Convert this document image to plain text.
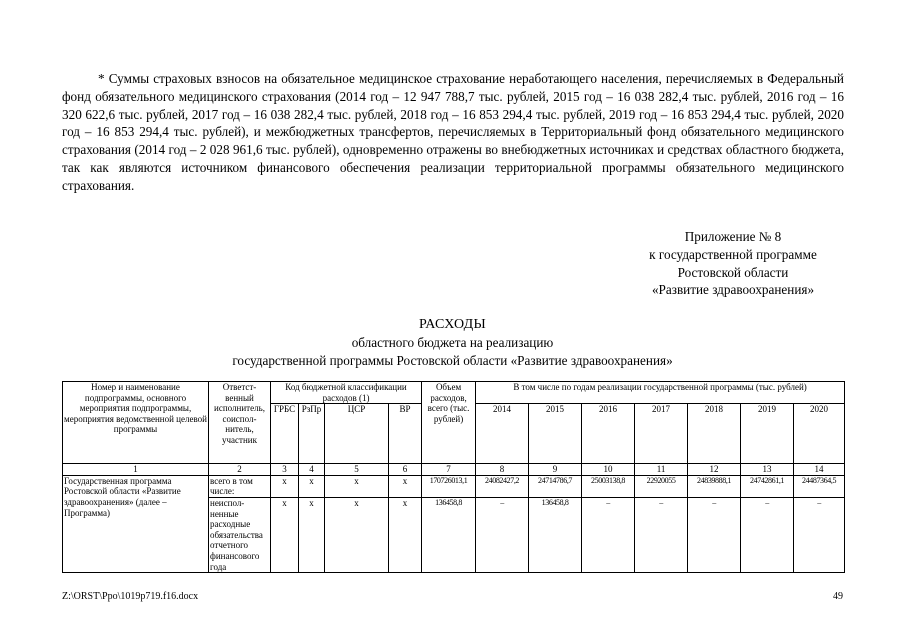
* Суммы страховых взносов на обязательное медицинское страхование неработающего населения, перечисляемых в Федеральный фонд обязательного медицинского страхования (2014 год – 12 947 788,7 тыс. рублей, 2015 год – 16 038 282,4 тыс. рублей, 2016 год – 16 320 622,6 тыс. рублей, 2017 год – 16 038 282,4 тыс. рублей, 2018 год – 16 853 294,4 тыс. рублей, 2019 год – 16 853 294,4 тыс. рублей, 2020 год – 16 853 294,4 тыс. рублей), и межбюджетных трансфертов, перечисляемых в Территориальный фонд обязательного медицинского страхования (2014 год – 2 028 961,6 тыс. рублей), одновременно отражены во внебюджетных источниках и средствах областного бюджета, так как являются источником финансового обеспечения реализации территориальной программы обязательного медицинского страхования.
Приложение № 8
к государственной программе
Ростовской области
«Развитие здравоохранения»
РАСХОДЫ
областного бюджета на реализацию
государственной программы Ростовской области «Развитие здравоохранения»
Номер и наименование подпрограммы, основного мероприятия подпрограммы, мероприятия ведомственной целевой программы	Ответст-венный исполнитель, соиспол-нитель, участник	Код бюджетной классификации расходов (1)				Объем расходов, всего (тыс. рублей)	В том числе по годам реализации государственной программы (тыс. рублей)						
		ГРБС	РзПр	ЦСР	ВР		2014	2015	2016	2017	2018	2019	2020
1	2	3	4	5	6	7	8	9	10	11	12	13	14
Государственная программа Ростовской области «Развитие здравоохранения» (далее – Программа)	всего в том числе:	x	x	x	x	170726013,1	24082427,2	24714786,7	25003138,8	22920055	24839888,1	24742861,1	24487364,5
	неиспол-ненные расходные обязательства отчетного финансового года	x	x	x	x	136458,8	–	136458,8	–	–	–	–	–
Z:\ORST\Ppo\1019p719.f16.docx	49
